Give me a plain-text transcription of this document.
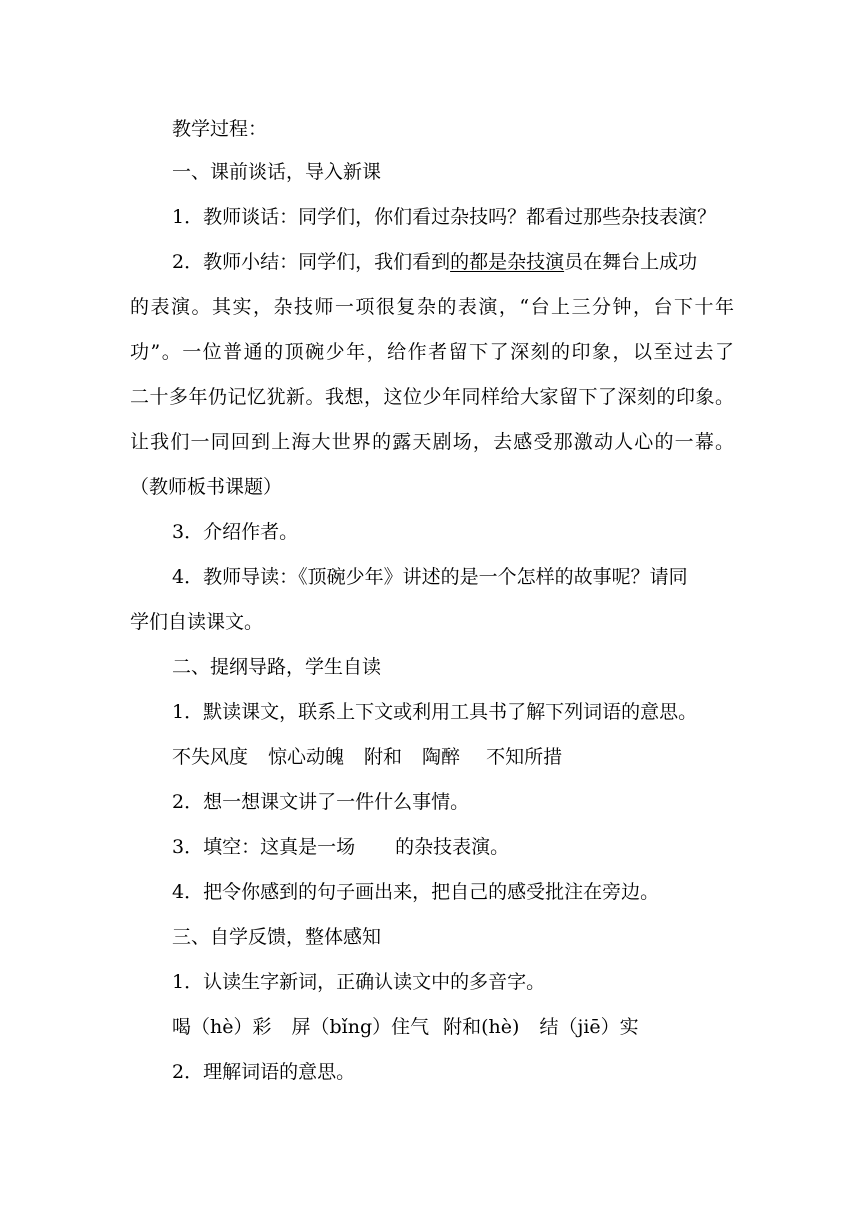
教学过程：
一、课前谈话，导入新课
1．教师谈话：同学们，你们看过杂技吗？都看过那些杂技表演？
2．教师小结：同学们，我们看到的都是杂技演员在舞台上成功
的表演。其实，杂技师一项很复杂的表演，“台上三分钟，台下十年
功”。一位普通的顶碗少年，给作者留下了深刻的印象，以至过去了
二十多年仍记忆犹新。我想，这位少年同样给大家留下了深刻的印象。
让我们一同回到上海大世界的露天剧场，去感受那激动人心的一幕。
（教师板书课题）
3．介绍作者。
4．教师导读：《顶碗少年》讲述的是一个怎样的故事呢？请同
学们自读课文。
二、提纲导路，学生自读
1．默读课文，联系上下文或利用工具书了解下列词语的意思。
不失风度 惊心动魄 附和 陶醉 不知所措
2．想一想课文讲了一件什么事情。
3．填空：这真是一场 的杂技表演。
4．把令你感到的句子画出来，把自己的感受批注在旁边。
三、自学反馈，整体感知
1．认读生字新词，正确认读文中的多音字。
喝（hè）彩 屏（bǐng）住气 附和(hè) 结（jiē）实
2．理解词语的意思。
